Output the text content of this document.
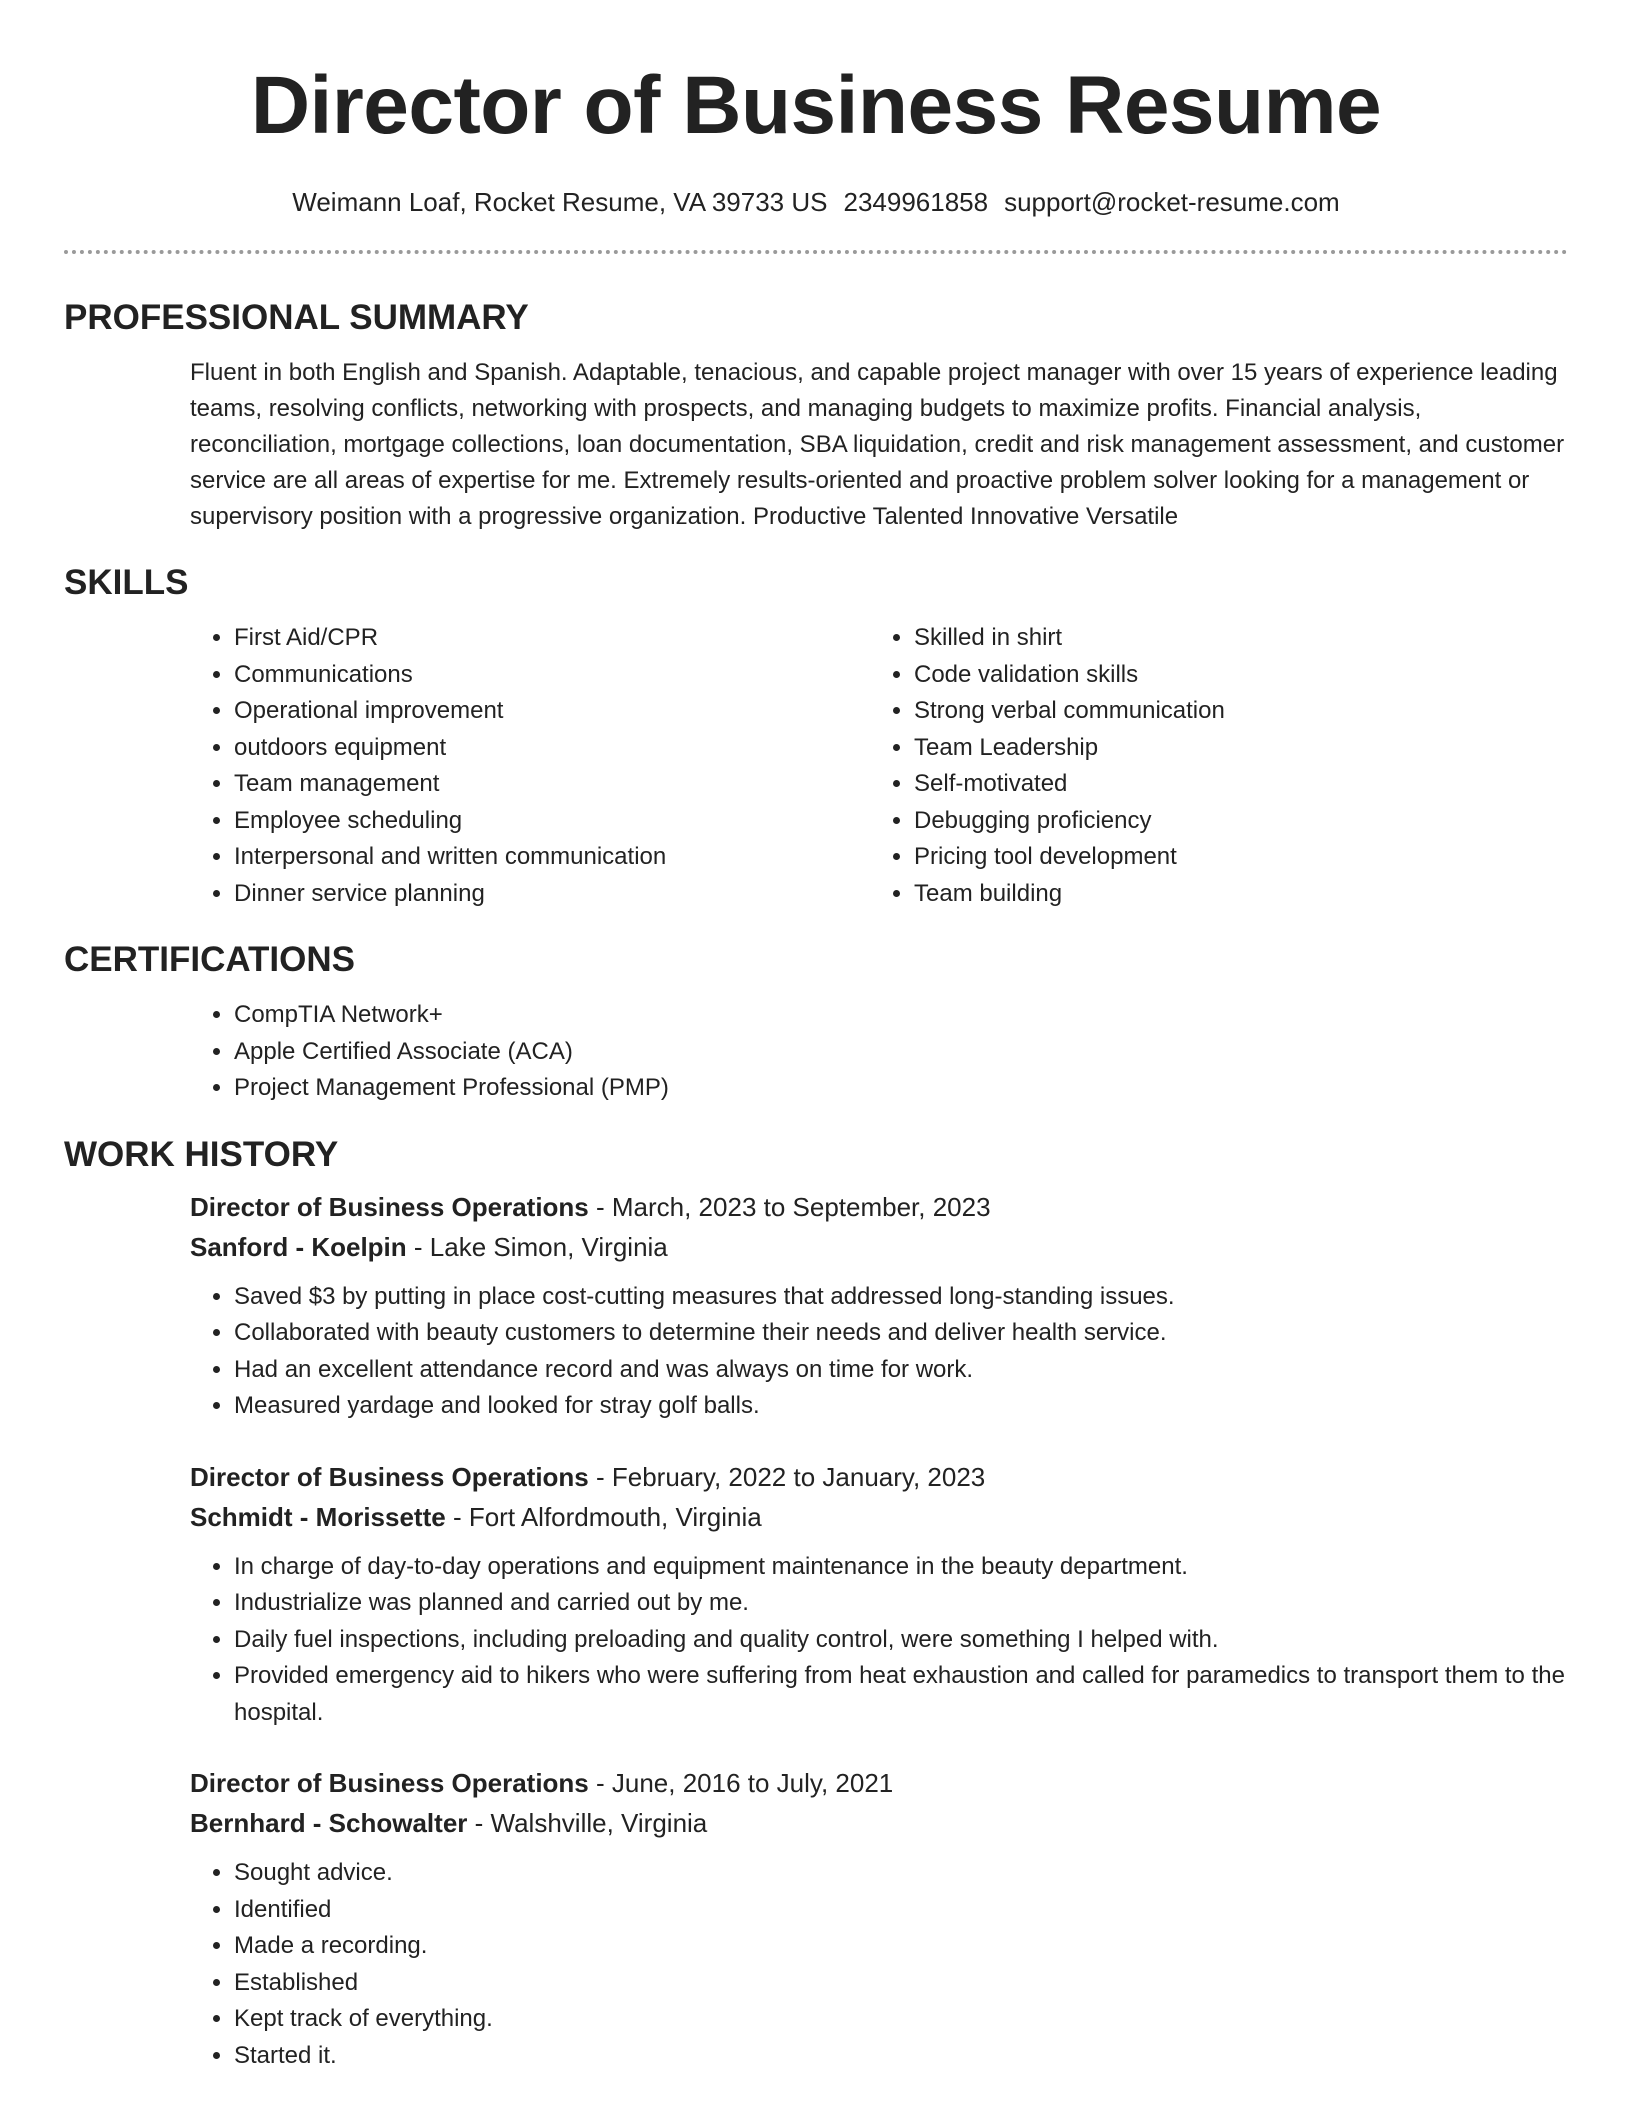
Director of Business Resume
Weimann Loaf, Rocket Resume, VA 39733 US 2349961858 support@rocket-resume.com
PROFESSIONAL SUMMARY

Fluent in both English and Spanish. Adaptable, tenacious, and capable project manager with over 15 years of experience leading teams, resolving conflicts, networking with prospects, and managing budgets to maximize profits. Financial analysis, reconciliation, mortgage collections, loan documentation, SBA liquidation, credit and risk management assessment, and customer service are all areas of expertise for me. Extremely results-oriented and proactive problem solver looking for a management or supervisory position with a progressive organization. Productive Talented Innovative Versatile

SKILLS
• First Aid/CPR
• Communications
• Operational improvement
• outdoors equipment
• Team management
• Employee scheduling
• Interpersonal and written communication
• Dinner service planning
• Skilled in shirt
• Code validation skills
• Strong verbal communication
• Team Leadership
• Self-motivated
• Debugging proficiency
• Pricing tool development
• Team building
CERTIFICATIONS
• CompTIA Network+
• Apple Certified Associate (ACA)
• Project Management Professional (PMP)
WORK HISTORY
Director of Business Operations - March, 2023 to September, 2023
Sanford - Koelpin - Lake Simon, Virginia
• Saved $3 by putting in place cost-cutting measures that addressed long-standing issues.
• Collaborated with beauty customers to determine their needs and deliver health service.
• Had an excellent attendance record and was always on time for work.
• Measured yardage and looked for stray golf balls.
Director of Business Operations - February, 2022 to January, 2023
Schmidt - Morissette - Fort Alfordmouth, Virginia
• In charge of day-to-day operations and equipment maintenance in the beauty department.
• Industrialize was planned and carried out by me.
• Daily fuel inspections, including preloading and quality control, were something I helped with.
• Provided emergency aid to hikers who were suffering from heat exhaustion and called for paramedics to transport them to the hospital.
Director of Business Operations - June, 2016 to July, 2021
Bernhard - Schowalter - Walshville, Virginia
• Sought advice.
• Identified
• Made a recording.
• Established
• Kept track of everything.
• Started it.
